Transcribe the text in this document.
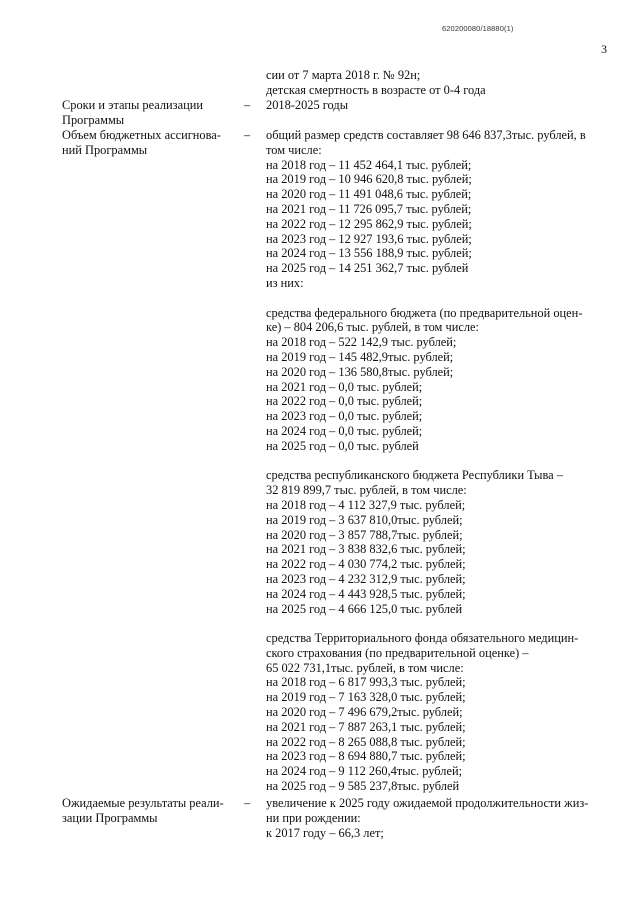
620200080/18880(1)
3
сии от 7 марта 2018 г. № 92н;
детская смертность в возрасте от 0-4 года
Сроки и этапы реализации
Программы
–	2018-2025 годы
Объем бюджетных ассигнова-
ний Программы
–	общий размер средств составляет 98 646 837,3тыс. рублей, в
том числе:
на 2018 год – 11 452 464,1 тыс. рублей;
на 2019 год – 10 946 620,8 тыс. рублей;
на 2020 год – 11 491 048,6 тыс. рублей;
на 2021 год – 11 726 095,7 тыс. рублей;
на 2022 год – 12 295 862,9 тыс. рублей;
на 2023 год – 12 927 193,6 тыс. рублей;
на 2024 год – 13 556 188,9 тыс. рублей;
на 2025 год – 14 251 362,7 тыс. рублей
из них:
средства федерального бюджета (по предварительной оцен-
ке) – 804 206,6 тыс. рублей, в том числе:
на 2018 год – 522 142,9 тыс. рублей;
на 2019 год – 145 482,9тыс. рублей;
на 2020 год – 136 580,8тыс. рублей;
на 2021 год – 0,0 тыс. рублей;
на 2022 год – 0,0 тыс. рублей;
на 2023 год – 0,0 тыс. рублей;
на 2024 год – 0,0 тыс. рублей;
на 2025 год – 0,0 тыс. рублей
средства республиканского бюджета Республики Тыва –
32 819 899,7 тыс. рублей, в том числе:
на 2018 год – 4 112 327,9 тыс. рублей;
на 2019 год – 3 637 810,0тыс. рублей;
на 2020 год – 3 857 788,7тыс. рублей;
на 2021 год – 3 838 832,6 тыс. рублей;
на 2022 год – 4 030 774,2 тыс. рублей;
на 2023 год – 4 232 312,9 тыс. рублей;
на 2024 год – 4 443 928,5 тыс. рублей;
на 2025 год – 4 666 125,0 тыс. рублей
средства Территориального фонда обязательного медицин-
ского страхования (по предварительной оценке) –
65 022 731,1тыс. рублей, в том числе:
на 2018 год – 6 817 993,3 тыс. рублей;
на 2019 год – 7 163 328,0 тыс. рублей;
на 2020 год – 7 496 679,2тыс. рублей;
на 2021 год – 7 887 263,1 тыс. рублей;
на 2022 год – 8 265 088,8 тыс. рублей;
на 2023 год – 8 694 880,7 тыс. рублей;
на 2024 год – 9 112 260,4тыс. рублей;
на 2025 год – 9 585 237,8тыс. рублей
Ожидаемые результаты реали-
зации Программы
–	увеличение к 2025 году ожидаемой продолжительности жиз-
ни при рождении:
к 2017 году – 66,3 лет;
